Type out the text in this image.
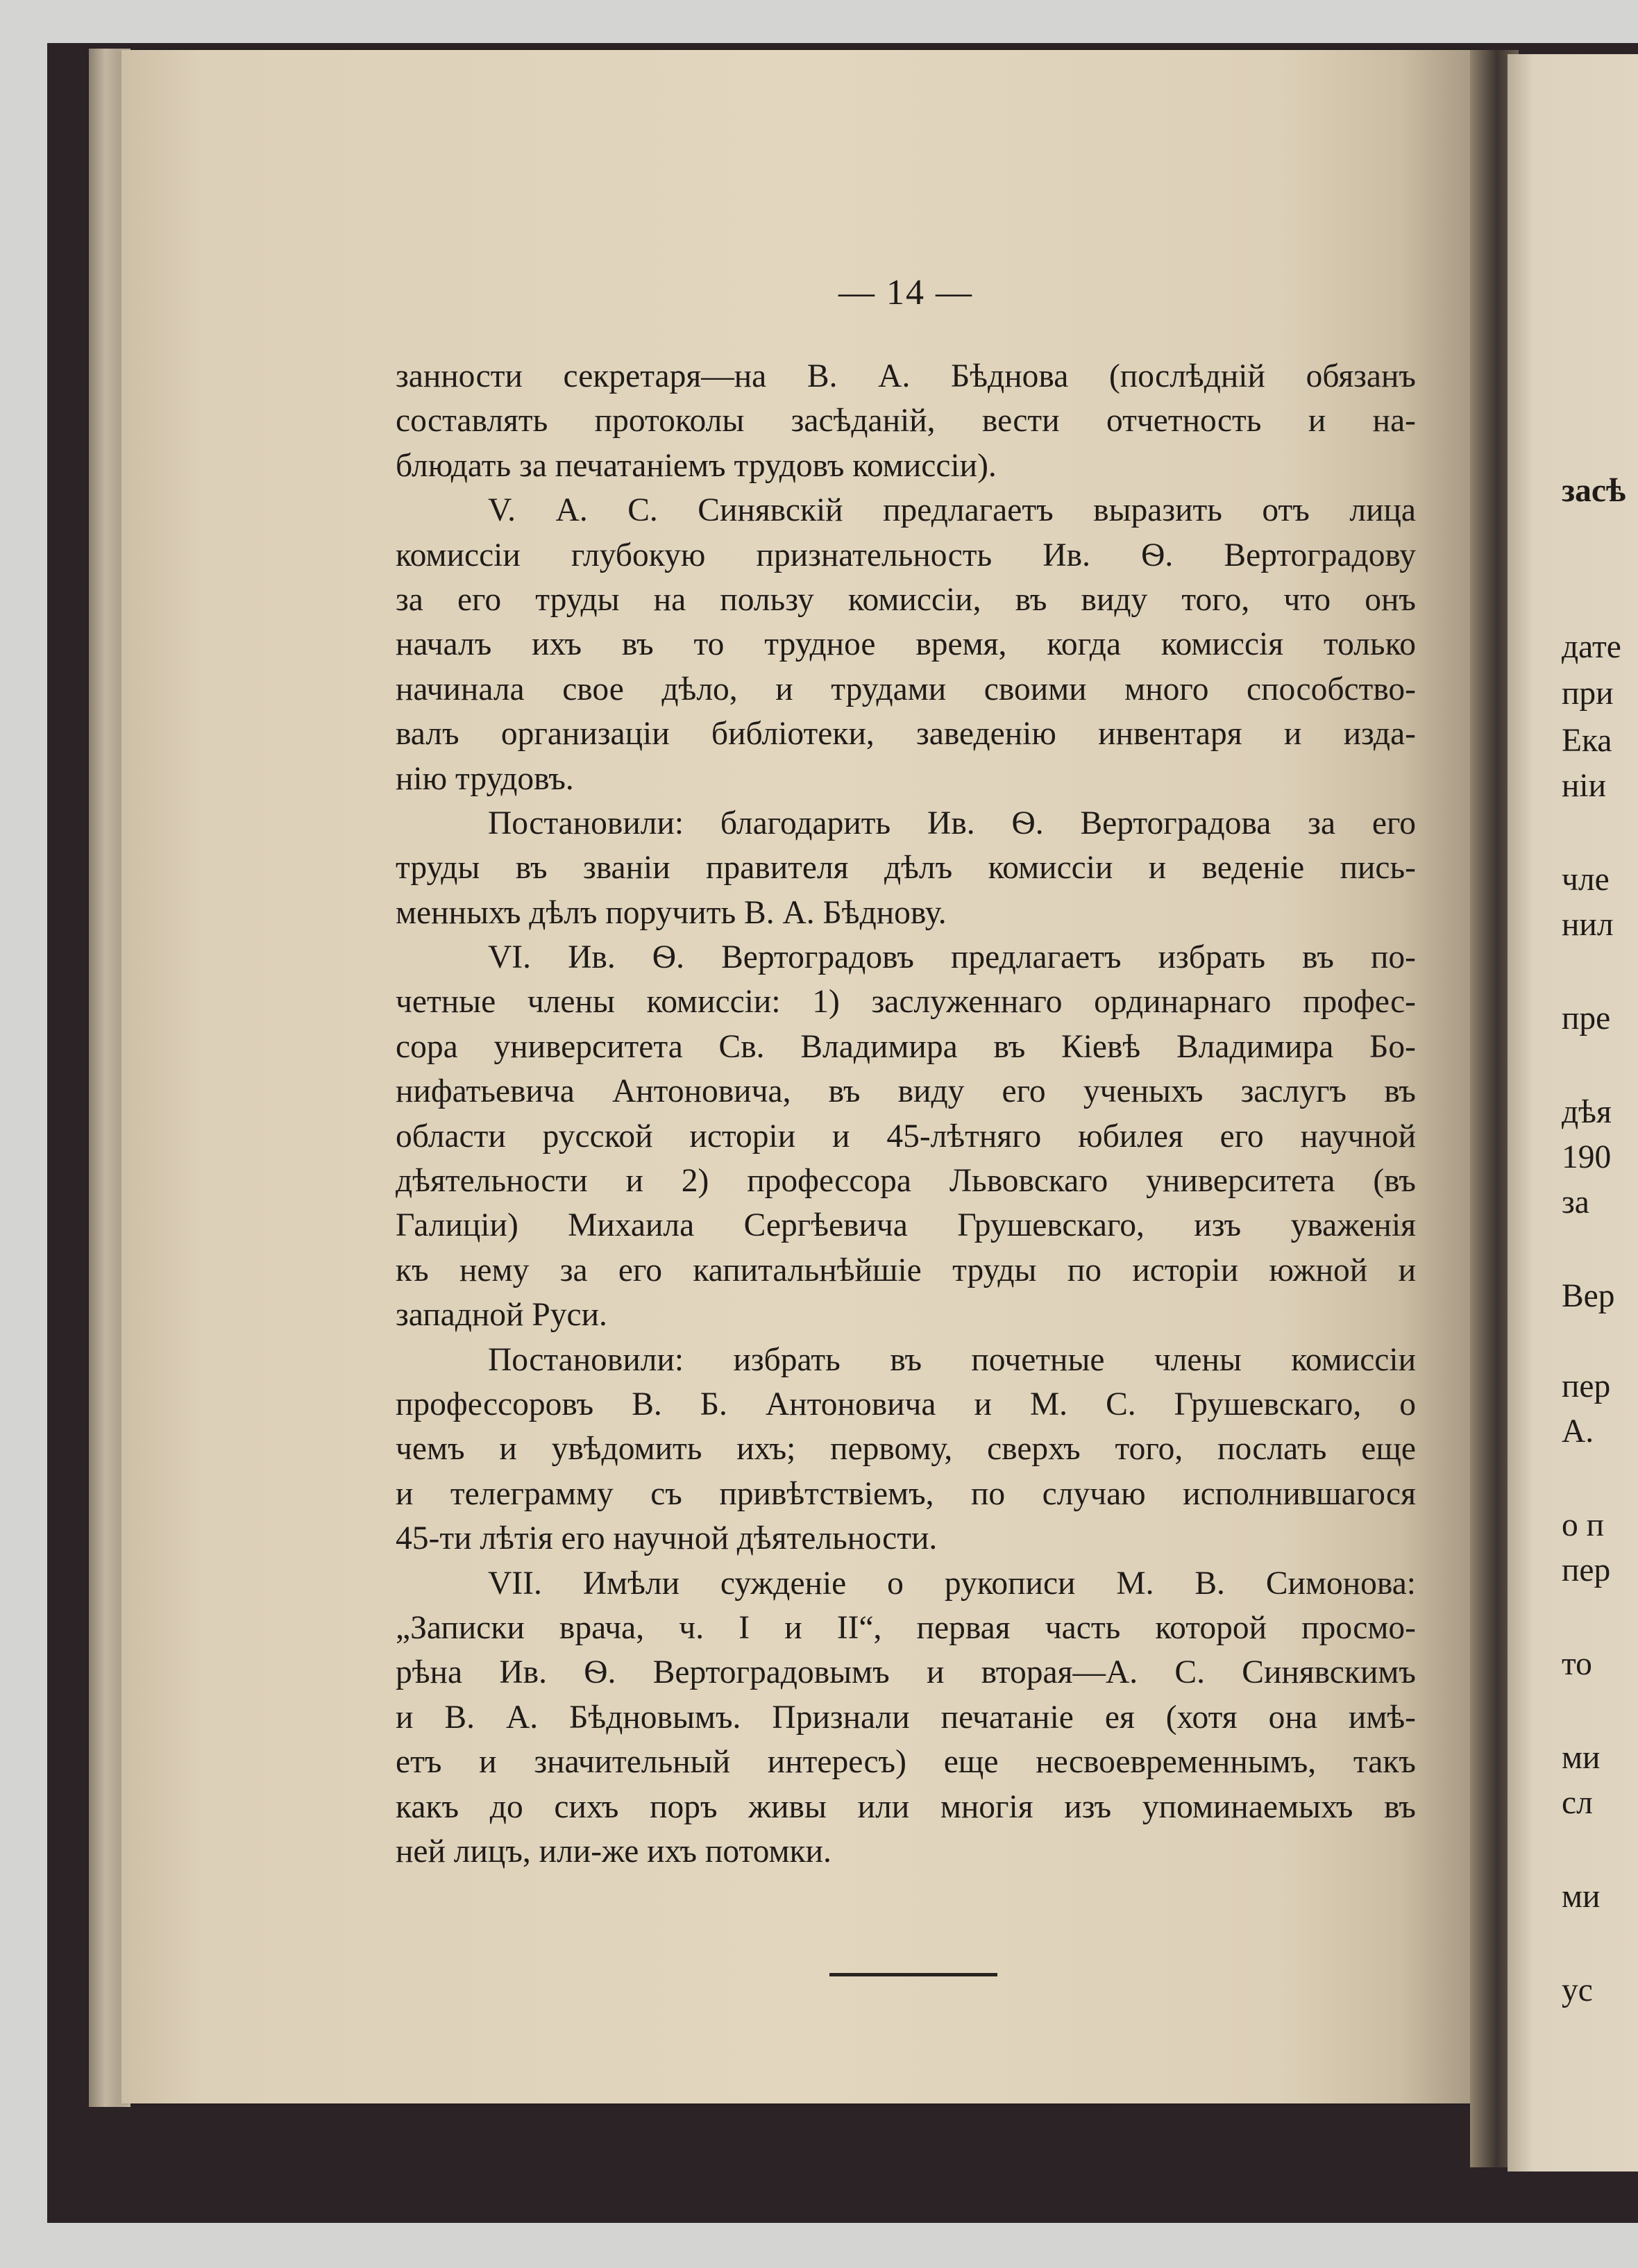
— 14 —
занности секретаря—на В. А. Бѣднова (послѣднiй обязанъ
составлять протоколы засѣданiй, вести отчетность и на-
блюдать за печатанiемъ трудовъ комиссiи).
V. А. С. Синявскiй предлагаетъ выразить отъ лица
комиссiи глубокую признательность Ив. Ѳ. Вертоградову
за его труды на пользу комиссiи, въ виду того, что онъ
началъ ихъ въ то трудное время, когда комиссiя только
начинала свое дѣло, и трудами своими много способство-
валъ организацiи библiотеки, заведенiю инвентаря и изда-
нiю трудовъ.
Постановили: благодарить Ив. Ѳ. Вертоградова за его
труды въ званiи правителя дѣлъ комиссiи и веденiе пись-
менныхъ дѣлъ поручить В. А. Бѣднову.
VI. Ив. Ѳ. Вертоградовъ предлагаетъ избрать въ по-
четные члены комиссiи: 1) заслуженнаго ординарнаго профес-
сора университета Св. Владимира въ Кiевѣ Владимира Бо-
нифатьевича Антоновича, въ виду его ученыхъ заслугъ въ
области русской исторiи и 45-лѣтняго юбилея его научной
дѣятельности и 2) профессора Львовскаго университета (въ
Галицiи) Михаила Сергѣевича Грушевскаго, изъ уваженiя
къ нему за его капитальнѣйшiе труды по исторiи южной и
западной Руси.
Постановили: избрать въ почетные члены комиссiи
профессоровъ В. Б. Антоновича и М. С. Грушевскаго, о
чемъ и увѣдомить ихъ; первому, сверхъ того, послать еще
и телеграмму съ привѣтствiемъ, по случаю исполнившагося
45-ти лѣтiя его научной дѣятельности.
VII. Имѣли сужденiе о рукописи М. В. Симонова:
„Записки врача, ч. I и II“, первая часть которой просмо-
рѣна Ив. Ѳ. Вертоградовымъ и вторая—А. С. Синявскимъ
и В. А. Бѣдновымъ. Признали печатанiе ея (хотя она имѣ-
етъ и значительный интересъ) еще несвоевременнымъ, такъ
какъ до сихъ поръ живы или многiя изъ упоминаемыхъ въ
ней лицъ, или-же ихъ потомки.
засѣ
дате
при
Ека
нiи
чле
нил
пре
дѣя
190
за
Вер
пер
А.
о п
пер
то
ми
сл
ми
ус
